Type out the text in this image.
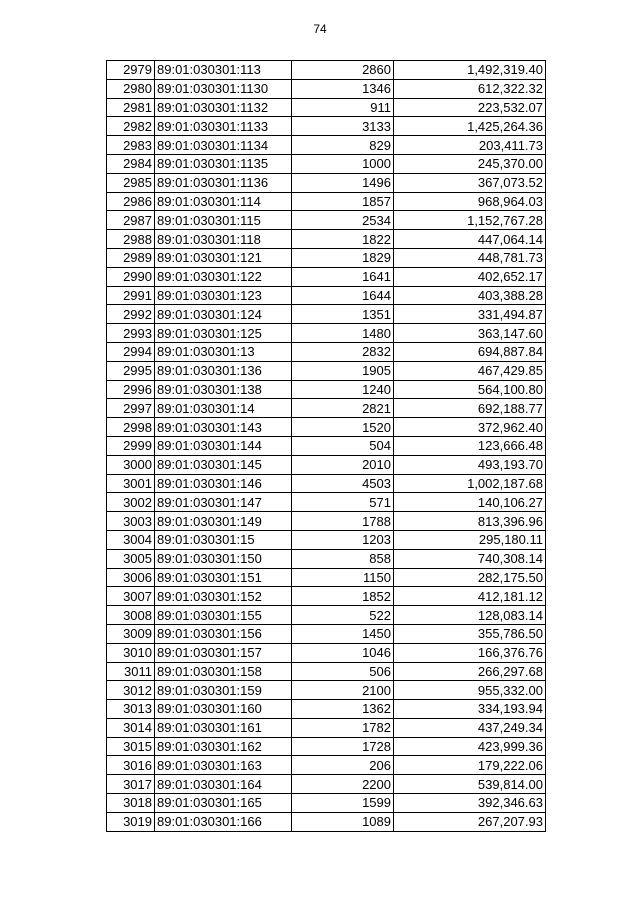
74
2979	89:01:030301:113	2860	1,492,319.40
2980	89:01:030301:1130	1346	612,322.32
2981	89:01:030301:1132	911	223,532.07
2982	89:01:030301:1133	3133	1,425,264.36
2983	89:01:030301:1134	829	203,411.73
2984	89:01:030301:1135	1000	245,370.00
2985	89:01:030301:1136	1496	367,073.52
2986	89:01:030301:114	1857	968,964.03
2987	89:01:030301:115	2534	1,152,767.28
2988	89:01:030301:118	1822	447,064.14
2989	89:01:030301:121	1829	448,781.73
2990	89:01:030301:122	1641	402,652.17
2991	89:01:030301:123	1644	403,388.28
2992	89:01:030301:124	1351	331,494.87
2993	89:01:030301:125	1480	363,147.60
2994	89:01:030301:13	2832	694,887.84
2995	89:01:030301:136	1905	467,429.85
2996	89:01:030301:138	1240	564,100.80
2997	89:01:030301:14	2821	692,188.77
2998	89:01:030301:143	1520	372,962.40
2999	89:01:030301:144	504	123,666.48
3000	89:01:030301:145	2010	493,193.70
3001	89:01:030301:146	4503	1,002,187.68
3002	89:01:030301:147	571	140,106.27
3003	89:01:030301:149	1788	813,396.96
3004	89:01:030301:15	1203	295,180.11
3005	89:01:030301:150	858	740,308.14
3006	89:01:030301:151	1150	282,175.50
3007	89:01:030301:152	1852	412,181.12
3008	89:01:030301:155	522	128,083.14
3009	89:01:030301:156	1450	355,786.50
3010	89:01:030301:157	1046	166,376.76
3011	89:01:030301:158	506	266,297.68
3012	89:01:030301:159	2100	955,332.00
3013	89:01:030301:160	1362	334,193.94
3014	89:01:030301:161	1782	437,249.34
3015	89:01:030301:162	1728	423,999.36
3016	89:01:030301:163	206	179,222.06
3017	89:01:030301:164	2200	539,814.00
3018	89:01:030301:165	1599	392,346.63
3019	89:01:030301:166	1089	267,207.93
